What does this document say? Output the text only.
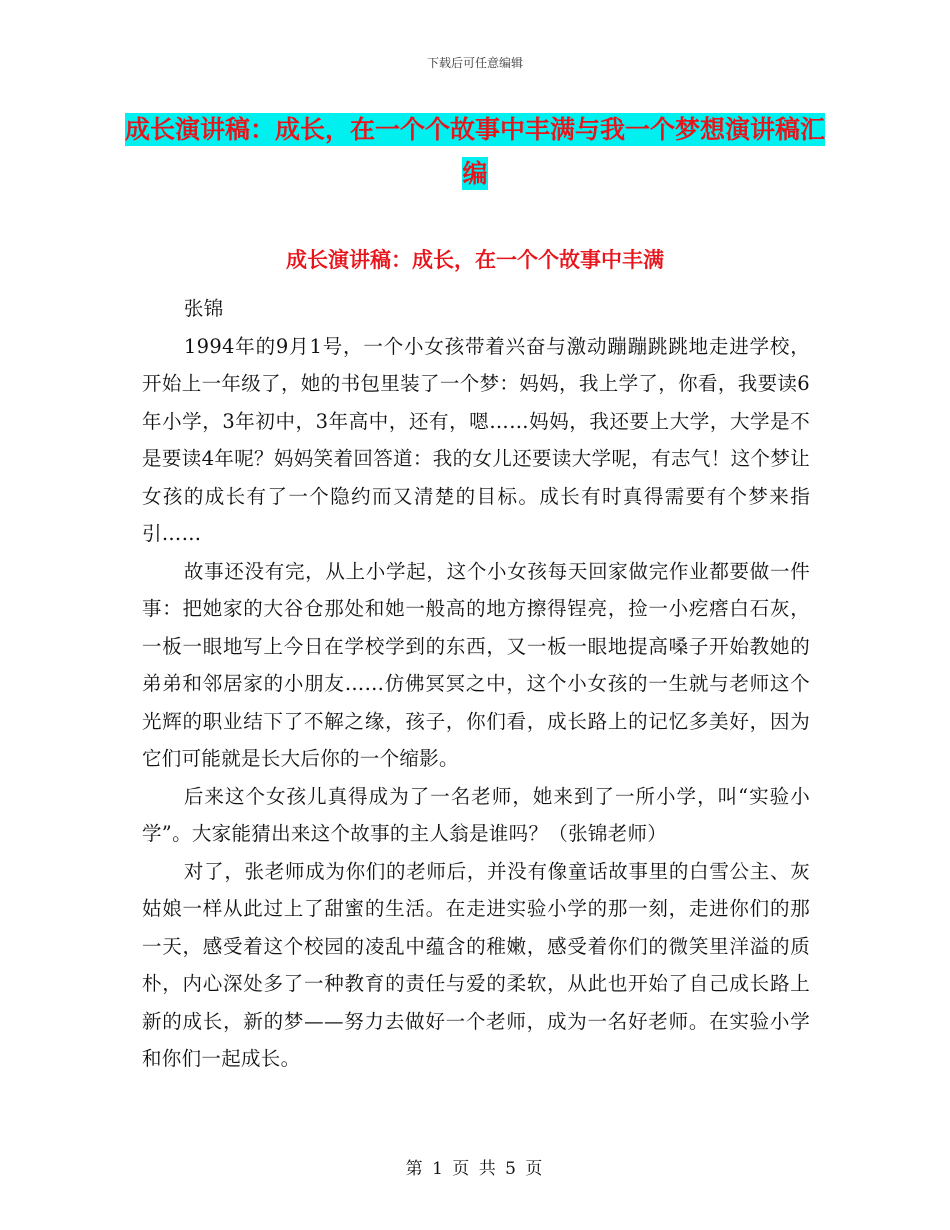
下载后可任意编辑
成长演讲稿：成长，在一个个故事中丰满与我一个梦想演讲稿汇编
成长演讲稿：成长，在一个个故事中丰满

张锦

1994年的9月1号，一个小女孩带着兴奋与激动蹦蹦跳跳地走进学校，开始上一年级了，她的书包里装了一个梦：妈妈，我上学了，你看，我要读6年小学，3年初中，3年高中，还有，嗯……妈妈，我还要上大学，大学是不是要读4年呢？妈妈笑着回答道：我的女儿还要读大学呢，有志气！这个梦让女孩的成长有了一个隐约而又清楚的目标。成长有时真得需要有个梦来指引……

故事还没有完，从上小学起，这个小女孩每天回家做完作业都要做一件事：把她家的大谷仓那处和她一般高的地方擦得锃亮，捡一小疙瘩白石灰，一板一眼地写上今日在学校学到的东西，又一板一眼地提高嗓子开始教她的弟弟和邻居家的小朋友……仿佛冥冥之中，这个小女孩的一生就与老师这个光辉的职业结下了不解之缘，孩子，你们看，成长路上的记忆多美好，因为它们可能就是长大后你的一个缩影。

后来这个女孩儿真得成为了一名老师，她来到了一所小学，叫“实验小学”。大家能猜出来这个故事的主人翁是谁吗？（张锦老师）

对了，张老师成为你们的老师后，并没有像童话故事里的白雪公主、灰姑娘一样从此过上了甜蜜的生活。在走进实验小学的那一刻，走进你们的那一天，感受着这个校园的凌乱中蕴含的稚嫩，感受着你们的微笑里洋溢的质朴，内心深处多了一种教育的责任与爱的柔软，从此也开始了自己成长路上新的成长，新的梦——努力去做好一个老师，成为一名好老师。在实验小学和你们一起成长。

第 1 页 共 5 页
